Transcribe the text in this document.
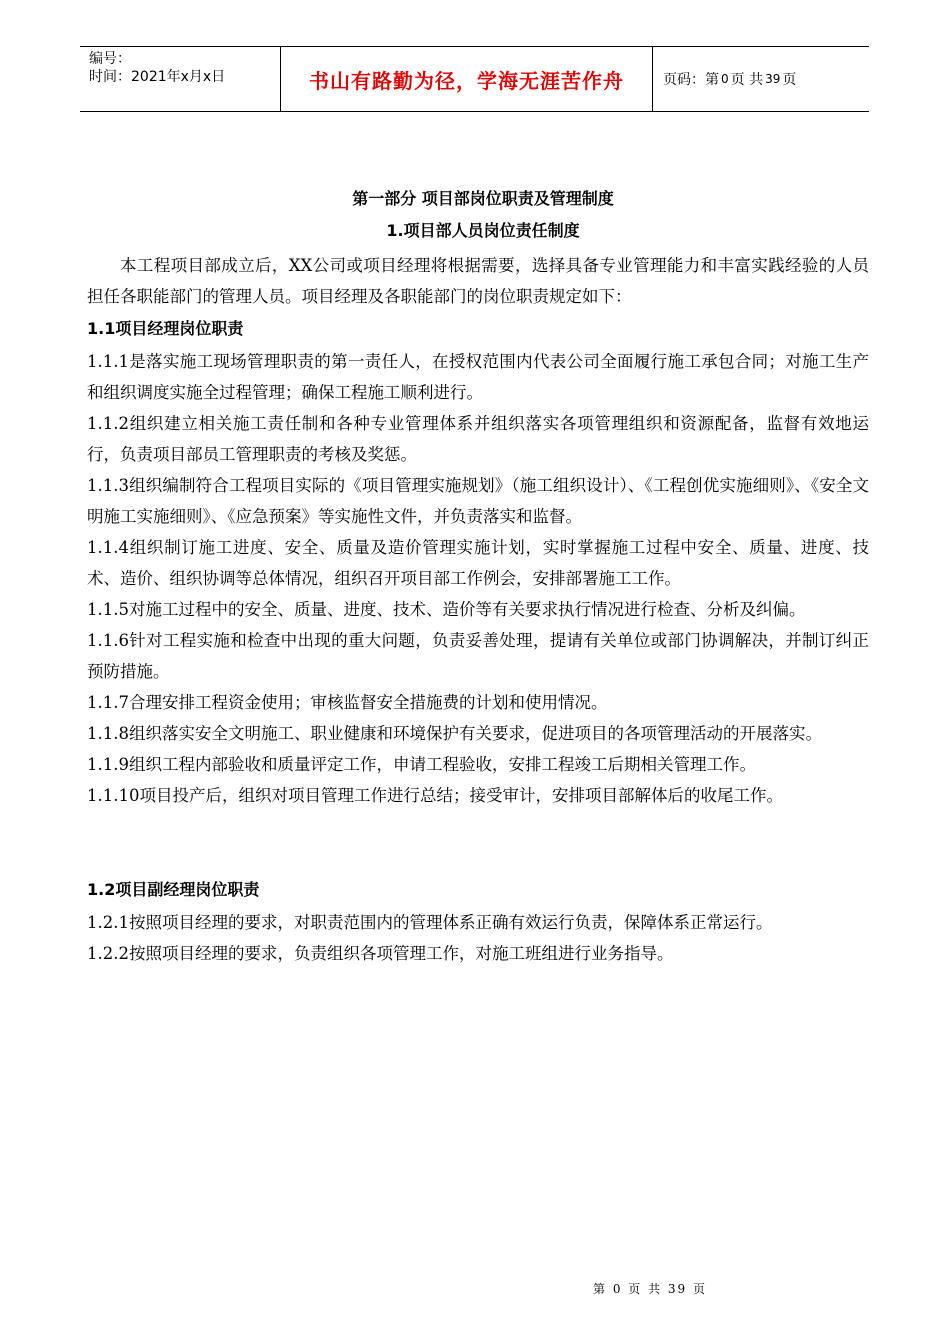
编号：
时间：2021年x月x日	书山有路勤为径，学海无涯苦作舟	页码：第 0 页 共 39 页

第一部分 项目部岗位职责及管理制度

1.项目部人员岗位责任制度

本工程项目部成立后，XX公司或项目经理将根据需要，选择具备专业管理能力和丰富实践经验的人员担任各职能部门的管理人员。项目经理及各职能部门的岗位职责规定如下：

1.1项目经理岗位职责

1.1.1是落实施工现场管理职责的第一责任人，在授权范围内代表公司全面履行施工承包合同；对施工生产和组织调度实施全过程管理；确保工程施工顺利进行。

1.1.2组织建立相关施工责任制和各种专业管理体系并组织落实各项管理组织和资源配备，监督有效地运行，负责项目部员工管理职责的考核及奖惩。

1.1.3组织编制符合工程项目实际的《项目管理实施规划》（施工组织设计）、《工程创优实施细则》、《安全文明施工实施细则》、《应急预案》等实施性文件，并负责落实和监督。

1.1.4组织制订施工进度、安全、质量及造价管理实施计划，实时掌握施工过程中安全、质量、进度、技术、造价、组织协调等总体情况，组织召开项目部工作例会，安排部署施工工作。

1.1.5对施工过程中的安全、质量、进度、技术、造价等有关要求执行情况进行检查、分析及纠偏。

1.1.6针对工程实施和检查中出现的重大问题，负责妥善处理，提请有关单位或部门协调解决，并制订纠正预防措施。

1.1.7合理安排工程资金使用；审核监督安全措施费的计划和使用情况。

1.1.8组织落实安全文明施工、职业健康和环境保护有关要求，促进项目的各项管理活动的开展落实。

1.1.9组织工程内部验收和质量评定工作，申请工程验收，安排工程竣工后期相关管理工作。

1.1.10项目投产后，组织对项目管理工作进行总结；接受审计，安排项目部解体后的收尾工作。

1.2项目副经理岗位职责

1.2.1按照项目经理的要求，对职责范围内的管理体系正确有效运行负责，保障体系正常运行。

1.2.2按照项目经理的要求，负责组织各项管理工作，对施工班组进行业务指导。

第 0 页 共 39 页
